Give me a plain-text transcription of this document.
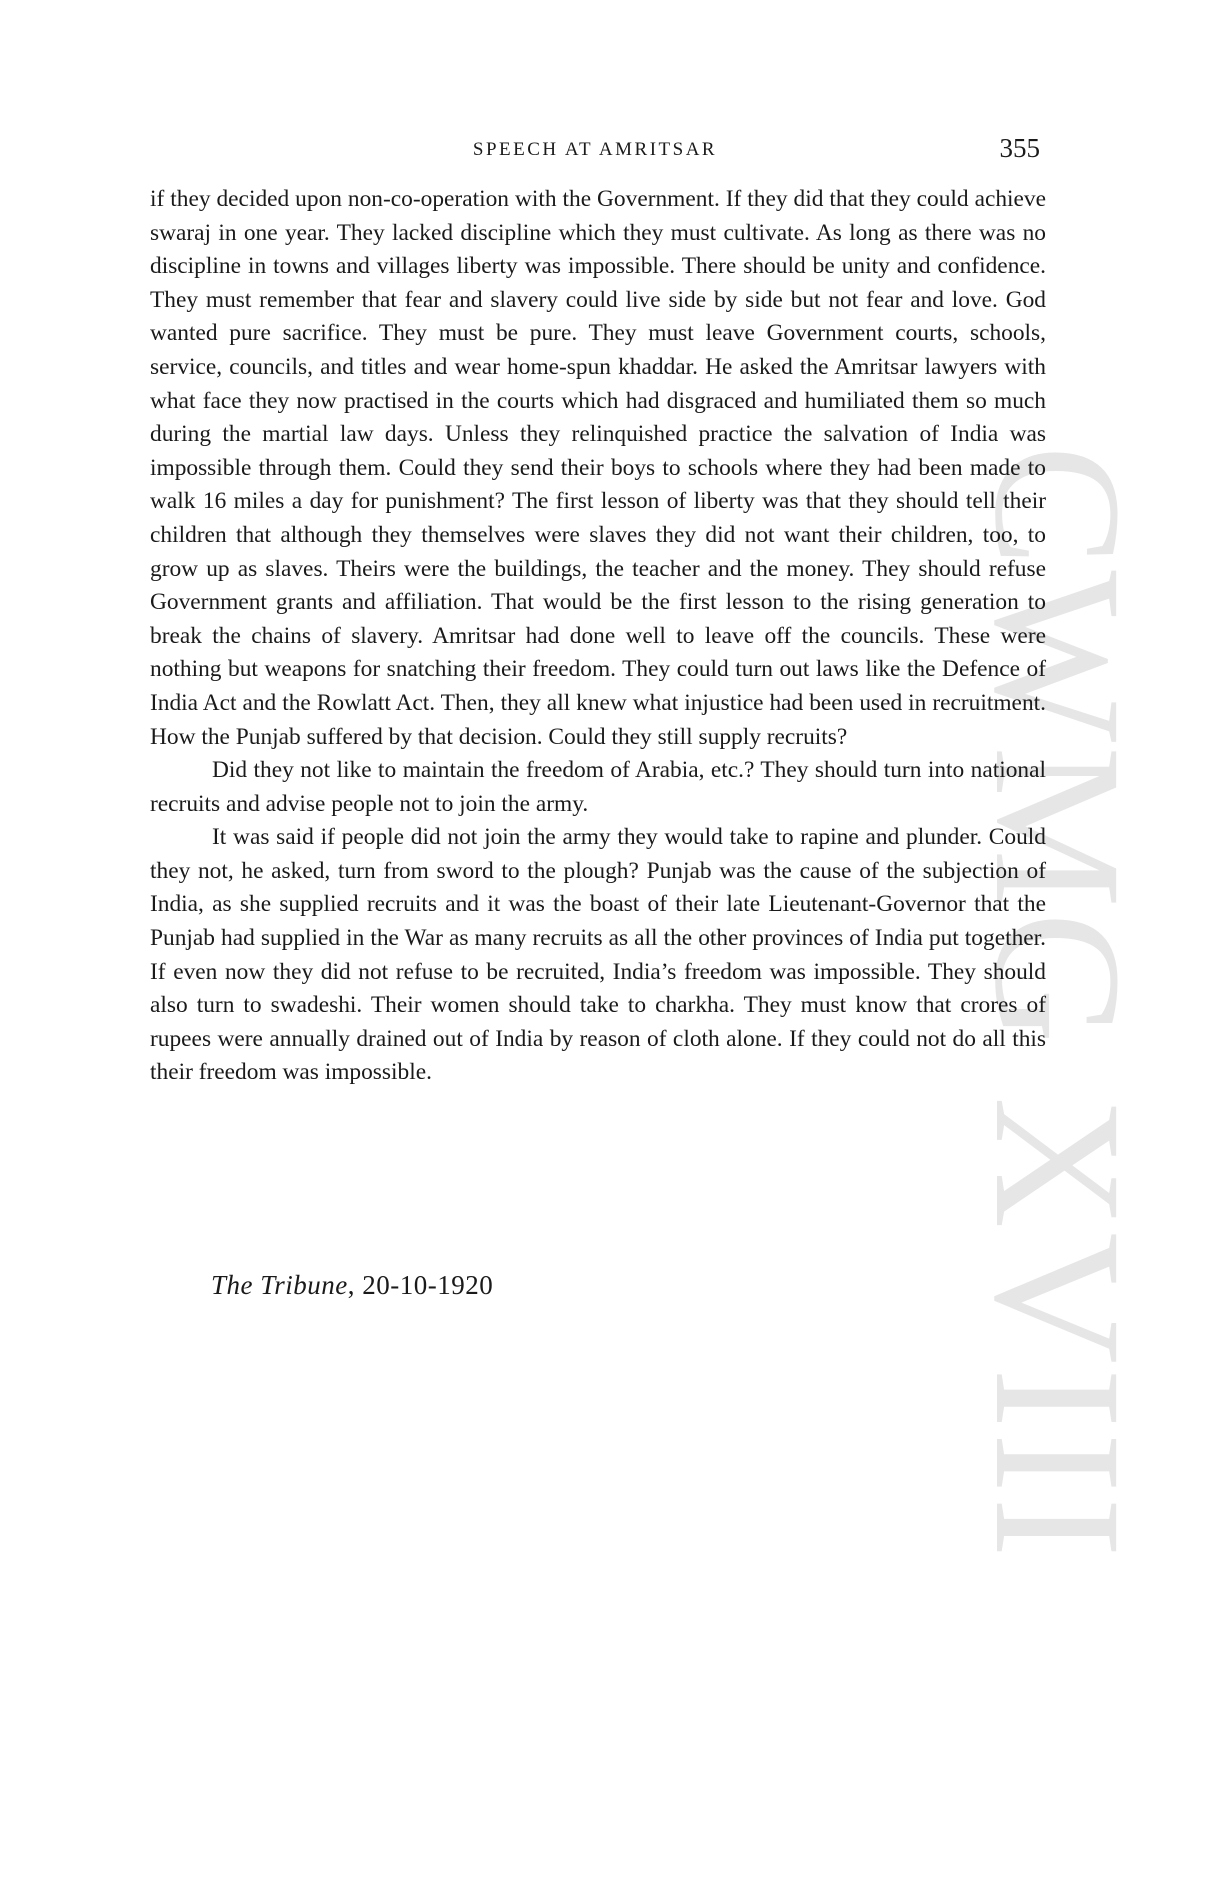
CWMG XVIII
SPEECH AT AMRITSAR	355

if they decided upon non-co-operation with the Government. If they did that they could achieve swaraj in one year. They lacked discipline which they must cultivate. As long as there was no discipline in towns and villages liberty was impossible. There should be unity and confidence. They must remember that fear and slavery could live side by side but not fear and love. God wanted pure sacrifice. They must be pure. They must leave Government courts, schools, service, councils, and titles and wear home-spun khaddar. He asked the Amritsar lawyers with what face they now practised in the courts which had disgraced and humiliated them so much during the martial law days. Unless they relinquished practice the salvation of India was impossible through them. Could they send their boys to schools where they had been made to walk 16 miles a day for punishment? The first lesson of liberty was that they should tell their children that although they themselves were slaves they did not want their children, too, to grow up as slaves. Theirs were the buildings, the teacher and the money. They should refuse Government grants and affiliation. That would be the first lesson to the rising generation to break the chains of slavery. Amritsar had done well to leave off the councils. These were nothing but weapons for snatching their freedom. They could turn out laws like the Defence of India Act and the Rowlatt Act. Then, they all knew what injustice had been used in recruitment. How the Punjab suffered by that decision. Could they still supply recruits?

Did they not like to maintain the freedom of Arabia, etc.? They should turn into national recruits and advise people not to join the army.

It was said if people did not join the army they would take to rapine and plunder. Could they not, he asked, turn from sword to the plough? Punjab was the cause of the subjection of India, as she supplied recruits and it was the boast of their late Lieutenant-Governor that the Punjab had supplied in the War as many recruits as all the other provinces of India put together. If even now they did not refuse to be recruited, India’s freedom was impossible. They should also turn to swadeshi. Their women should take to charkha. They must know that crores of rupees were annually drained out of India by reason of cloth alone. If they could not do all this their freedom was impossible.

The Tribune, 20-10-1920
